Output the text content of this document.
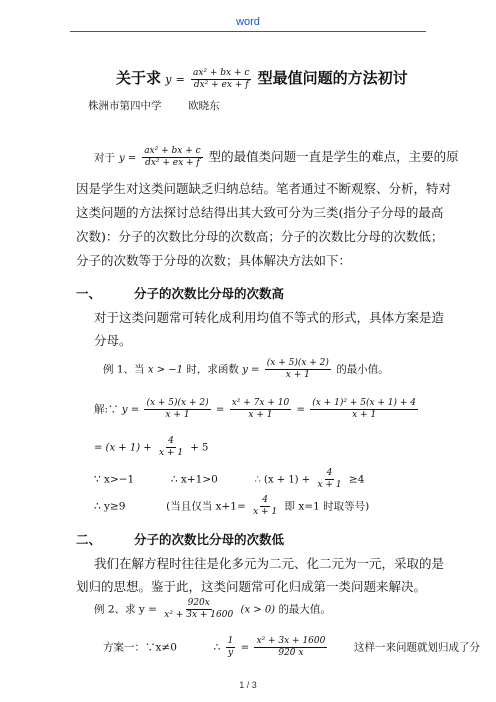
word
关于求 $y = \frac{\text{ax² + bx + c}}{\text{dx² + ex + f}}$ 型最值问题的方法初讨
株洲市第四中学	欧晓东
对于 $y = \frac{\text{ax² + bx + c}}{\text{dx² + ex + f}}$ 型的最值类问题一直是学生的难点，主要的原
因是学生对这类问题缺乏归纳总结。笔者通过不断观察、分析，特对
这类问题的方法探讨总结得出其大致可分为三类(指分子分母的最高
次数)：分子的次数比分母的次数高；分子的次数比分母的次数低；
分子的次数等于分母的次数；具体解决方法如下：
一、	分子的次数比分母的次数高
对于这类问题常可转化成利用均值不等式的形式，具体方案是造
分母。
例 1、当 x > −1 时，求函数 $y = \frac{(x + 5)(x + 2)}{x + 1}$ 的最小值。
解:∵ $y = \frac{(x + 5)(x + 2)}{x + 1} = \frac{\text{x² + 7x + 10}}{x + 1} = \frac{\text{(x + 1)² + 5(x + 1) + 4}}{x + 1}$
= $(x + 1) + \frac{4}{x + 1} + 5$
∵ x>−1	∴ x+1>0	∴ $(x + 1) + \frac{4}{x + 1} \ge 4$
∴ y≥9	(当且仅当 $x+1= \frac{4}{x + 1}$ 即 x=1 时取等号)
二、	分子的次数比分母的次数低
我们在解方程时往往是化多元为二元、化二元为一元，采取的是
划归的思想。鉴于此，这类问题常可化归成第一类问题来解决。
例 2、求 $y = \frac{920x}{\text{x² + 3x + 1600}} (x > 0)$ 的最大值。
方案一：∵x≠0	∴ $\frac{1}{y} = \frac{\text{x² + 3x + 1600}}{920 x}$	这样一来问题就划归成了分
1 / 3
